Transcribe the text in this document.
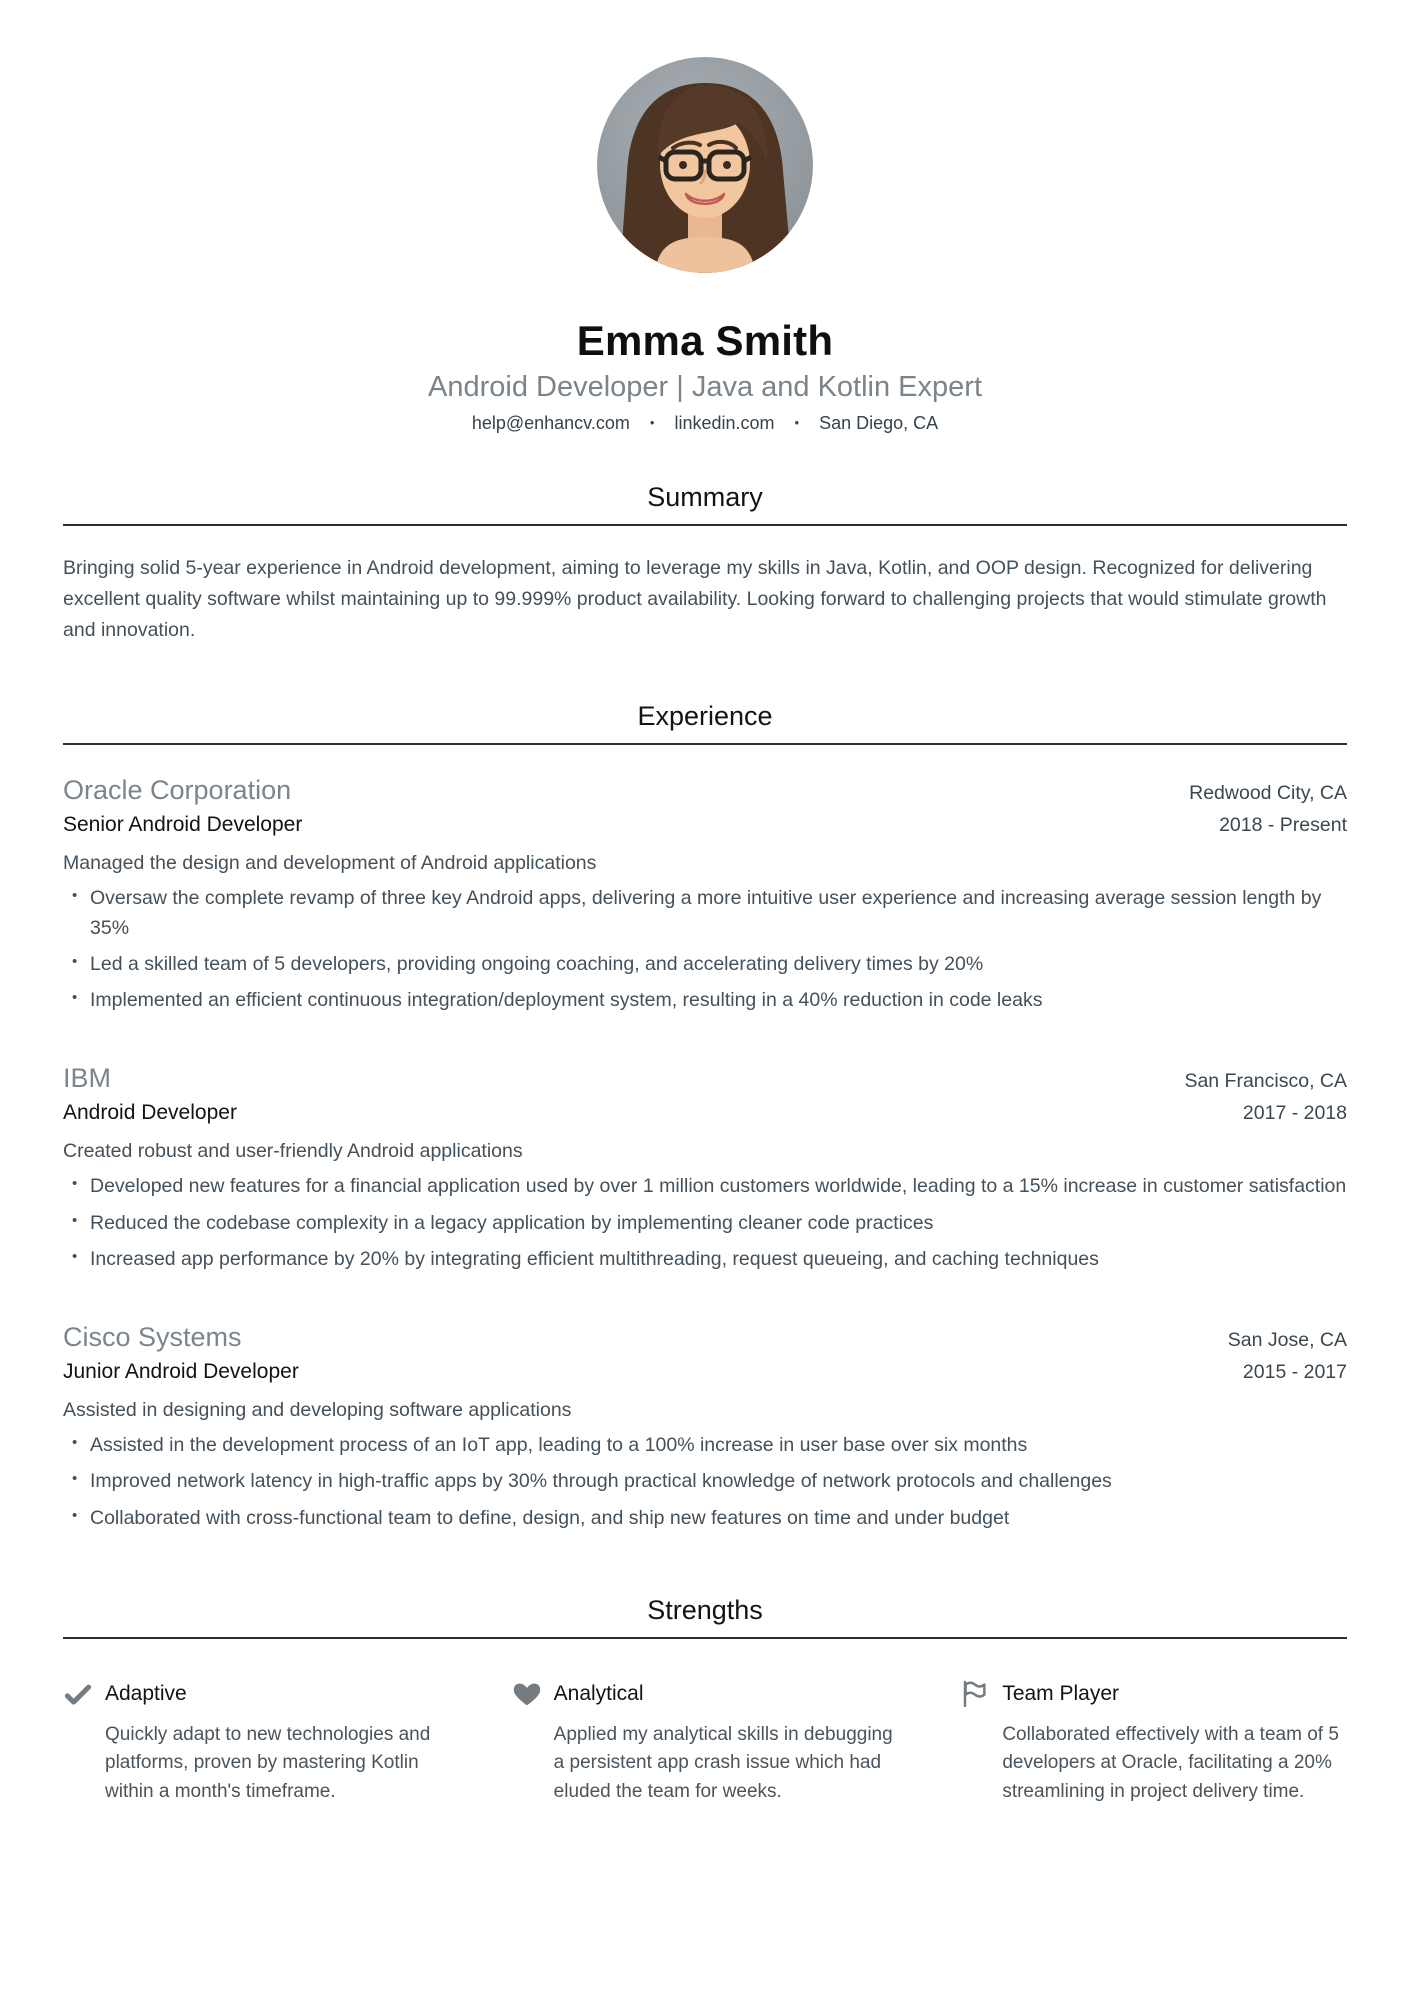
Emma Smith
Android Developer | Java and Kotlin Expert
help@enhancv.com • linkedin.com • San Diego, CA
Summary

Bringing solid 5-year experience in Android development, aiming to leverage my skills in Java, Kotlin, and OOP design. Recognized for delivering excellent quality software whilst maintaining up to 99.999% product availability. Looking forward to challenging projects that would stimulate growth and innovation.

Experience
Oracle Corporation	Redwood City, CA
Senior Android Developer	2018 - Present
Managed the design and development of Android applications
• Oversaw the complete revamp of three key Android apps, delivering a more intuitive user experience and increasing average session length by 35%
• Led a skilled team of 5 developers, providing ongoing coaching, and accelerating delivery times by 20%
• Implemented an efficient continuous integration/deployment system, resulting in a 40% reduction in code leaks
IBM	San Francisco, CA
Android Developer	2017 - 2018
Created robust and user-friendly Android applications
• Developed new features for a financial application used by over 1 million customers worldwide, leading to a 15% increase in customer satisfaction
• Reduced the codebase complexity in a legacy application by implementing cleaner code practices
• Increased app performance by 20% by integrating efficient multithreading, request queueing, and caching techniques
Cisco Systems	San Jose, CA
Junior Android Developer	2015 - 2017
Assisted in designing and developing software applications
• Assisted in the development process of an IoT app, leading to a 100% increase in user base over six months
• Improved network latency in high-traffic apps by 30% through practical knowledge of network protocols and challenges
• Collaborated with cross-functional team to define, design, and ship new features on time and under budget
Strengths
Adaptive
Quickly adapt to new technologies and platforms, proven by mastering Kotlin within a month's timeframe.
Analytical
Applied my analytical skills in debugging a persistent app crash issue which had eluded the team for weeks.
Team Player
Collaborated effectively with a team of 5 developers at Oracle, facilitating a 20% streamlining in project delivery time.
